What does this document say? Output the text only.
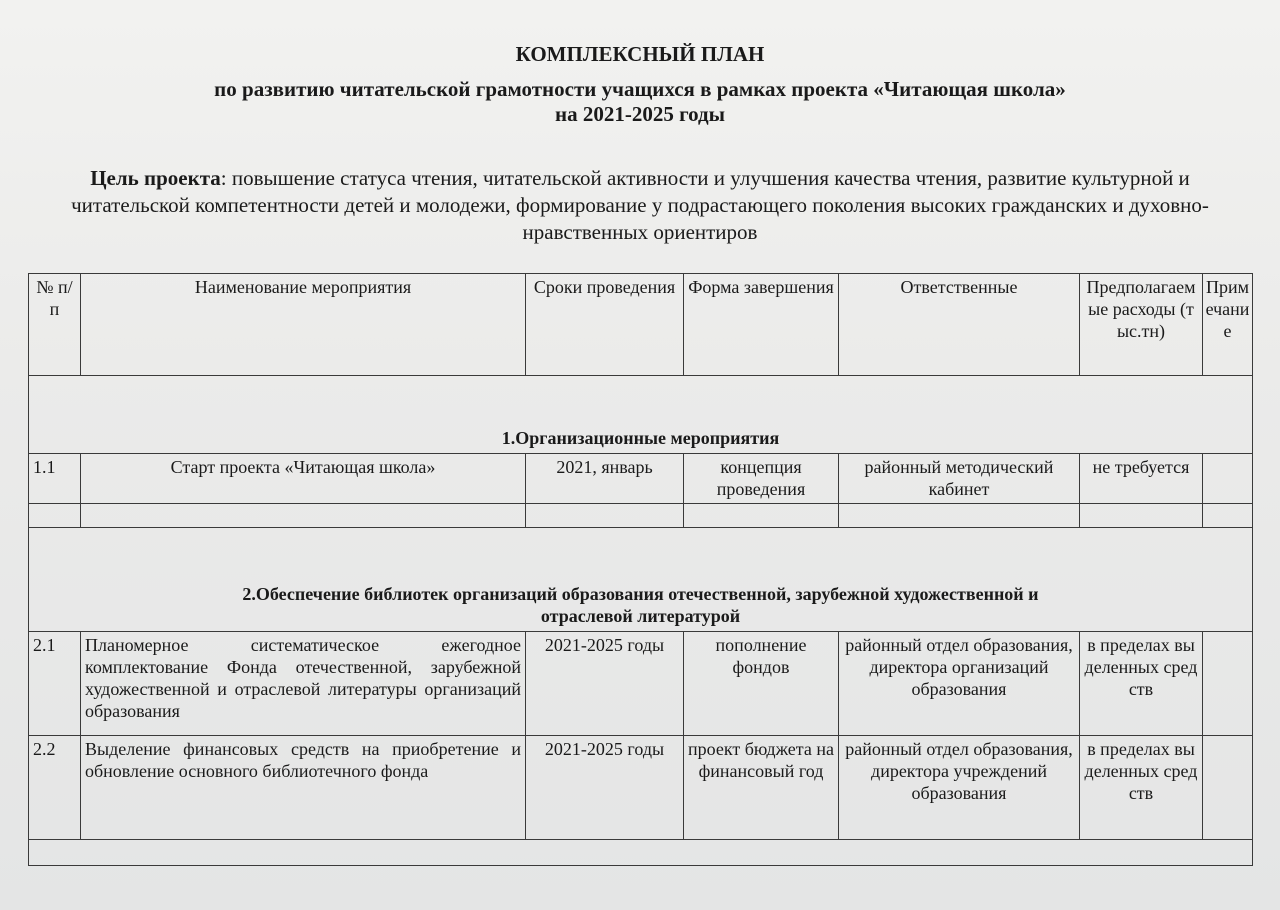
КОМПЛЕКСНЫЙ ПЛАН
по развитию читательской грамотности учащихся в рамках проекта «Читающая школа»
на 2021-2025 годы
Цель проекта: повышение статуса чтения, читательской активности и улучшения качества чтения, развитие культурной и читательской компетентности детей и молодежи, формирование у подрастающего поколения высоких гражданских и духовно-нравственных ориентиров
№ п/п	Наименование мероприятия	Сроки проведения	Форма завершения	Ответственные	Предполагаемые расходы (тыс.тн)	Примечание
1.Организационные мероприятия						
1.1	Старт проекта «Читающая школа»	2021, январь	концепция проведения	районный методический кабинет	не требуется	

2.Обеспечение библиотек организаций образования отечественной, зарубежной художественной и отраслевой литературой						

2.1	Планомерное систематическое ежегодное комплектование Фонда отечественной, зарубежной художественной и отраслевой литературы организаций образования	2021-2025 годы	пополнение фондов	районный отдел образования, директора организаций образования	в пределах выделенных средств	
2.2	Выделение финансовых средств на приобретение и обновление основного библиотечного фонда	2021-2025 годы	проект бюджета на финансовый год	районный отдел образования, директора учреждений образования	в пределах выделенных средств	
